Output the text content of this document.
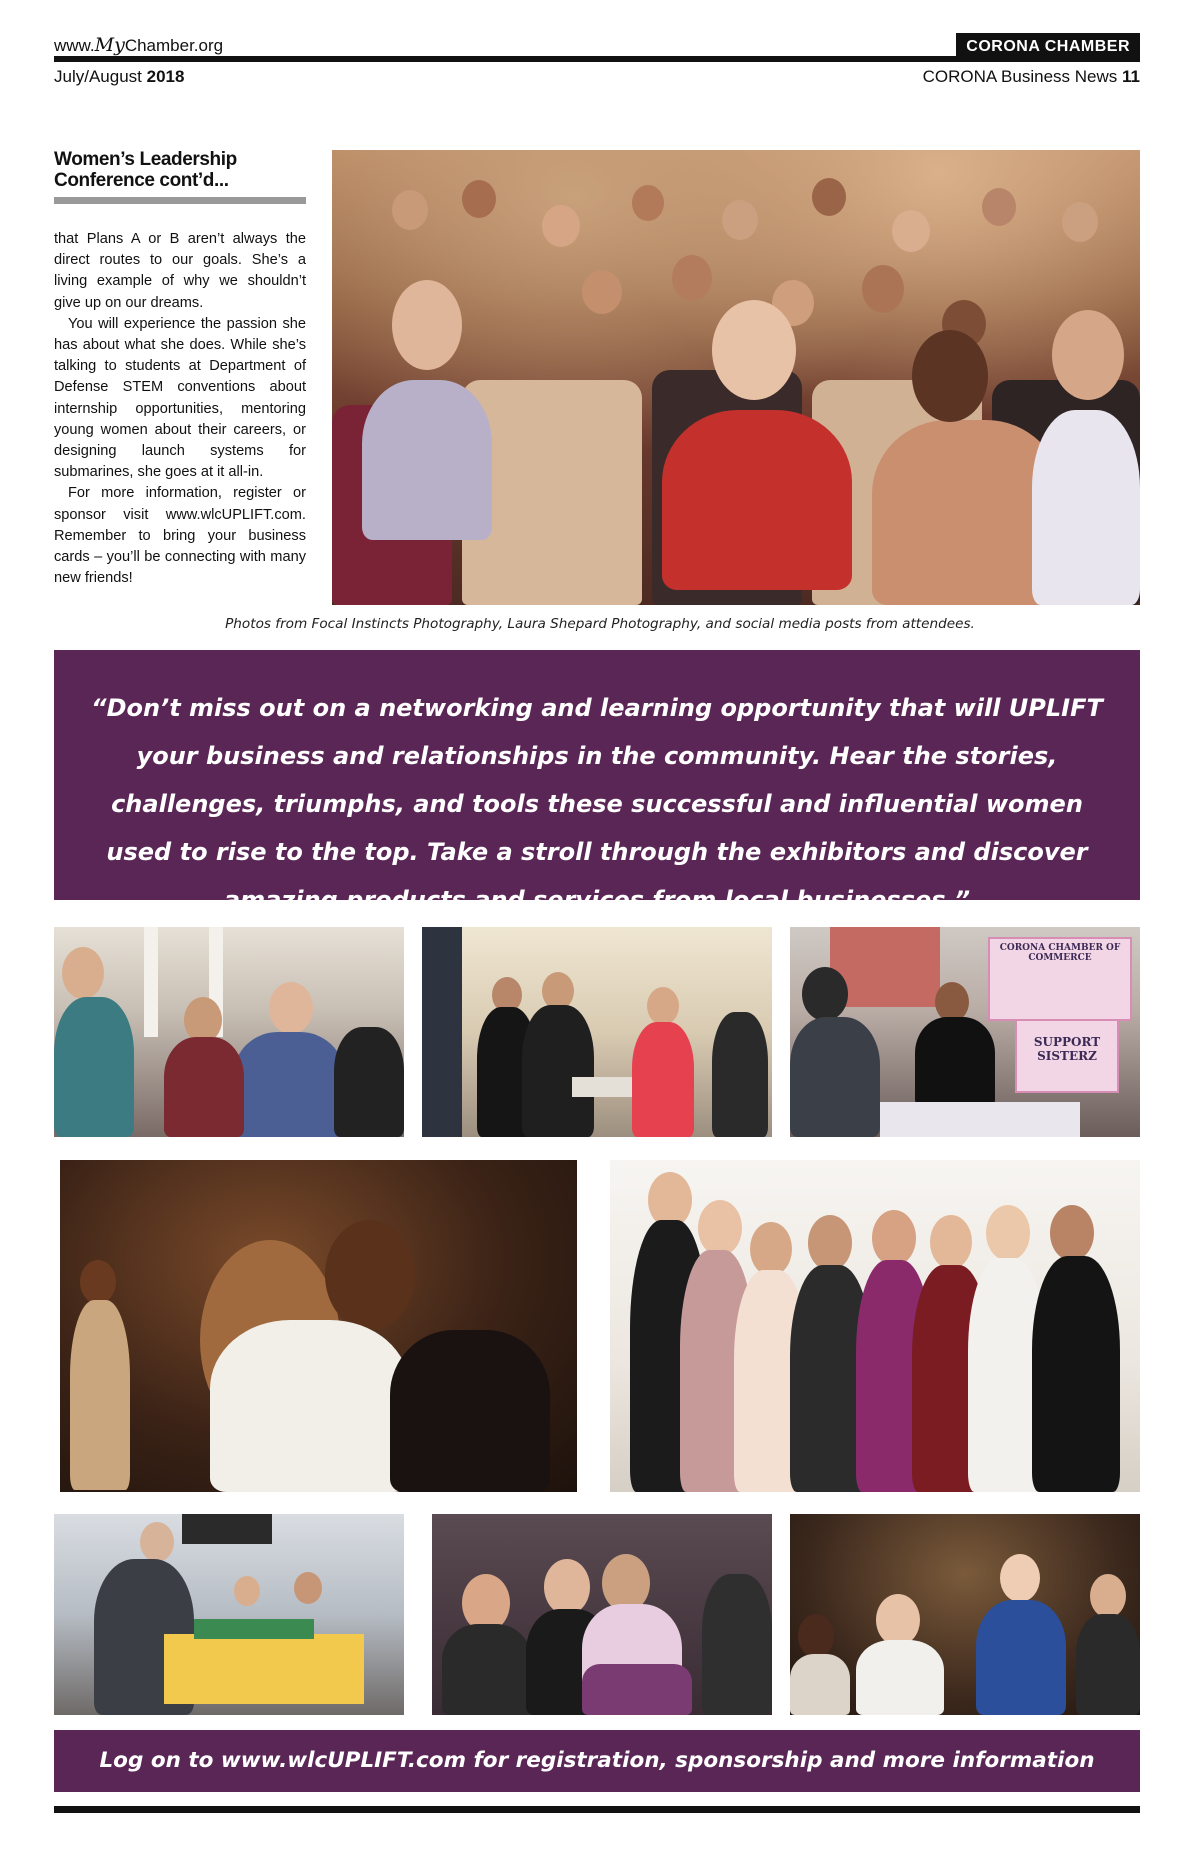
www.MyChamber.org	CORONA CHAMBER
July/August 2018	CORONA Business News 11
Women’s Leadership
Conference cont’d...

that Plans A or B aren’t always the direct routes to our goals. She’s a living example of why we shouldn’t give up on our dreams.

You will experience the passion she has about what she does. While she’s talking to students at Department of Defense STEM conventions about internship opportunities, mentoring young women about their careers, or designing launch systems for submarines, she goes at it all-in.

For more information, register or sponsor visit www.wlcUPLIFT.com. Remember to bring your business cards – you’ll be connecting with many new friends!

Photos from Focal Instincts Photography, Laura Shepard Photography, and social media posts from attendees.
“Don’t miss out on a networking and learning opportunity that will UPLIFT your business and relationships in the community. Hear the stories, challenges, triumphs, and tools these successful and influential women used to rise to the top. Take a stroll through the exhibitors and discover amazing products and services from local businesses.”
CORONA CHAMBER OF COMMERCE
SUPPORT
SISTERZ
Log on to www.wlcUPLIFT.com for registration, sponsorship and more information
